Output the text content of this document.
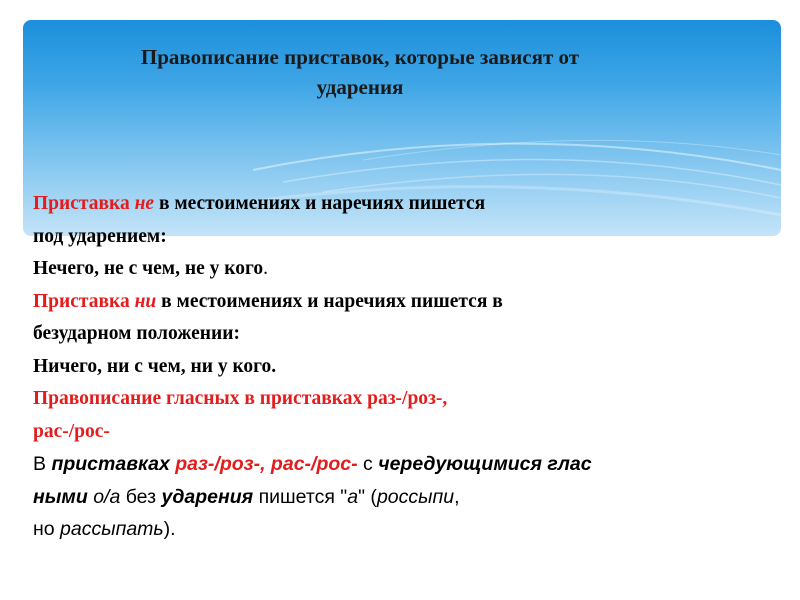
Правописание приставок, которые зависят от
ударения
Приставка не в местоимениях и наречиях пишется
под ударением:
Нечего, не с чем, не у кого.
Приставка ни в местоимениях и наречиях пишется в
безударном положении:
Ничего, ни с чем, ни у кого.
Правописание гласных в приставках раз-/роз-,
рас-/рос-
В приставках раз-/роз-, рас-/рос- с чередующимися глас
ными о/а без ударения пишется "а" (россыпи,
но рассыпать).
